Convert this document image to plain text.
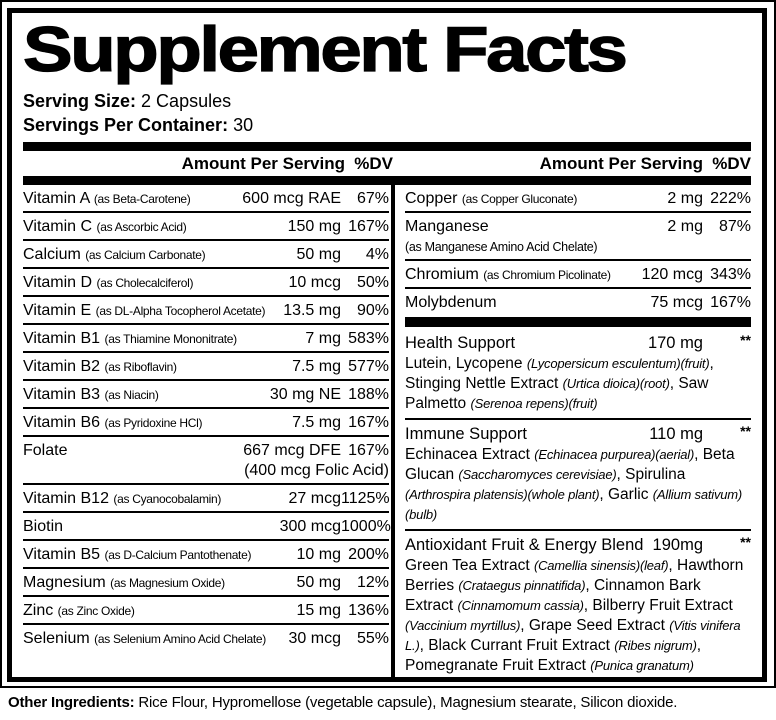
Supplement Facts
Serving Size: 2 Capsules
Servings Per Container: 30
Amount Per Serving %DV	Amount Per Serving %DV
Vitamin A (as Beta-Carotene)	600 mcg RAE 67%
Vitamin C (as Ascorbic Acid)	150 mg 167%
Calcium (as Calcium Carbonate)	50 mg	4%
Vitamin D (as Cholecalciferol)	10 mcg 50%
Vitamin E (as DL-Alpha Tocopherol Acetate)	13.5 mg 90%
Vitamin B1 (as Thiamine Mononitrate)	7 mg 583%
Vitamin B2 (as Riboflavin)	7.5 mg 577%
Vitamin B3 (as Niacin)	30 mg NE 188%
Vitamin B6 (as Pyridoxine HCl)	7.5 mg 167%
Folate	667 mcg DFE 167%
(400 mcg Folic Acid)
Vitamin B12 (as Cyanocobalamin)	27 mcg 1125%
Biotin	300 mcg 1000%
Vitamin B5 (as D-Calcium Pantothenate)	10 mg 200%
Magnesium (as Magnesium Oxide)	50 mg 12%
Zinc (as Zinc Oxide)	15 mg 136%
Selenium (as Selenium Amino Acid Chelate)	30 mcg 55%
Copper (as Copper Gluconate)	2 mg 222%
Manganese	2 mg 87%
(as Manganese Amino Acid Chelate)
Chromium (as Chromium Picolinate)	120 mcg 343%
Molybdenum	75 mcg 167%
Health Support	170 mg	**
Lutein, Lycopene (Lycopersicum esculentum)(fruit), Stinging Nettle Extract (Urtica dioica)(root), Saw Palmetto (Serenoa repens)(fruit)
Immune Support	110 mg	**
Echinacea Extract (Echinacea purpurea)(aerial), Beta Glucan (Saccharomyces cerevisiae), Spirulina (Arthrospira platensis)(whole plant), Garlic (Allium sativum)(bulb)
Antioxidant Fruit & Energy Blend 190mg	**
Green Tea Extract (Camellia sinensis)(leaf), Hawthorn Berries (Crataegus pinnatifida), Cinnamon Bark Extract (Cinnamomum cassia), Bilberry Fruit Extract (Vaccinium myrtillus), Grape Seed Extract (Vitis vinifera L.), Black Currant Fruit Extract (Ribes nigrum), Pomegranate Fruit Extract (Punica granatum)
Other Ingredients: Rice Flour, Hypromellose (vegetable capsule), Magnesium stearate, Silicon dioxide.
